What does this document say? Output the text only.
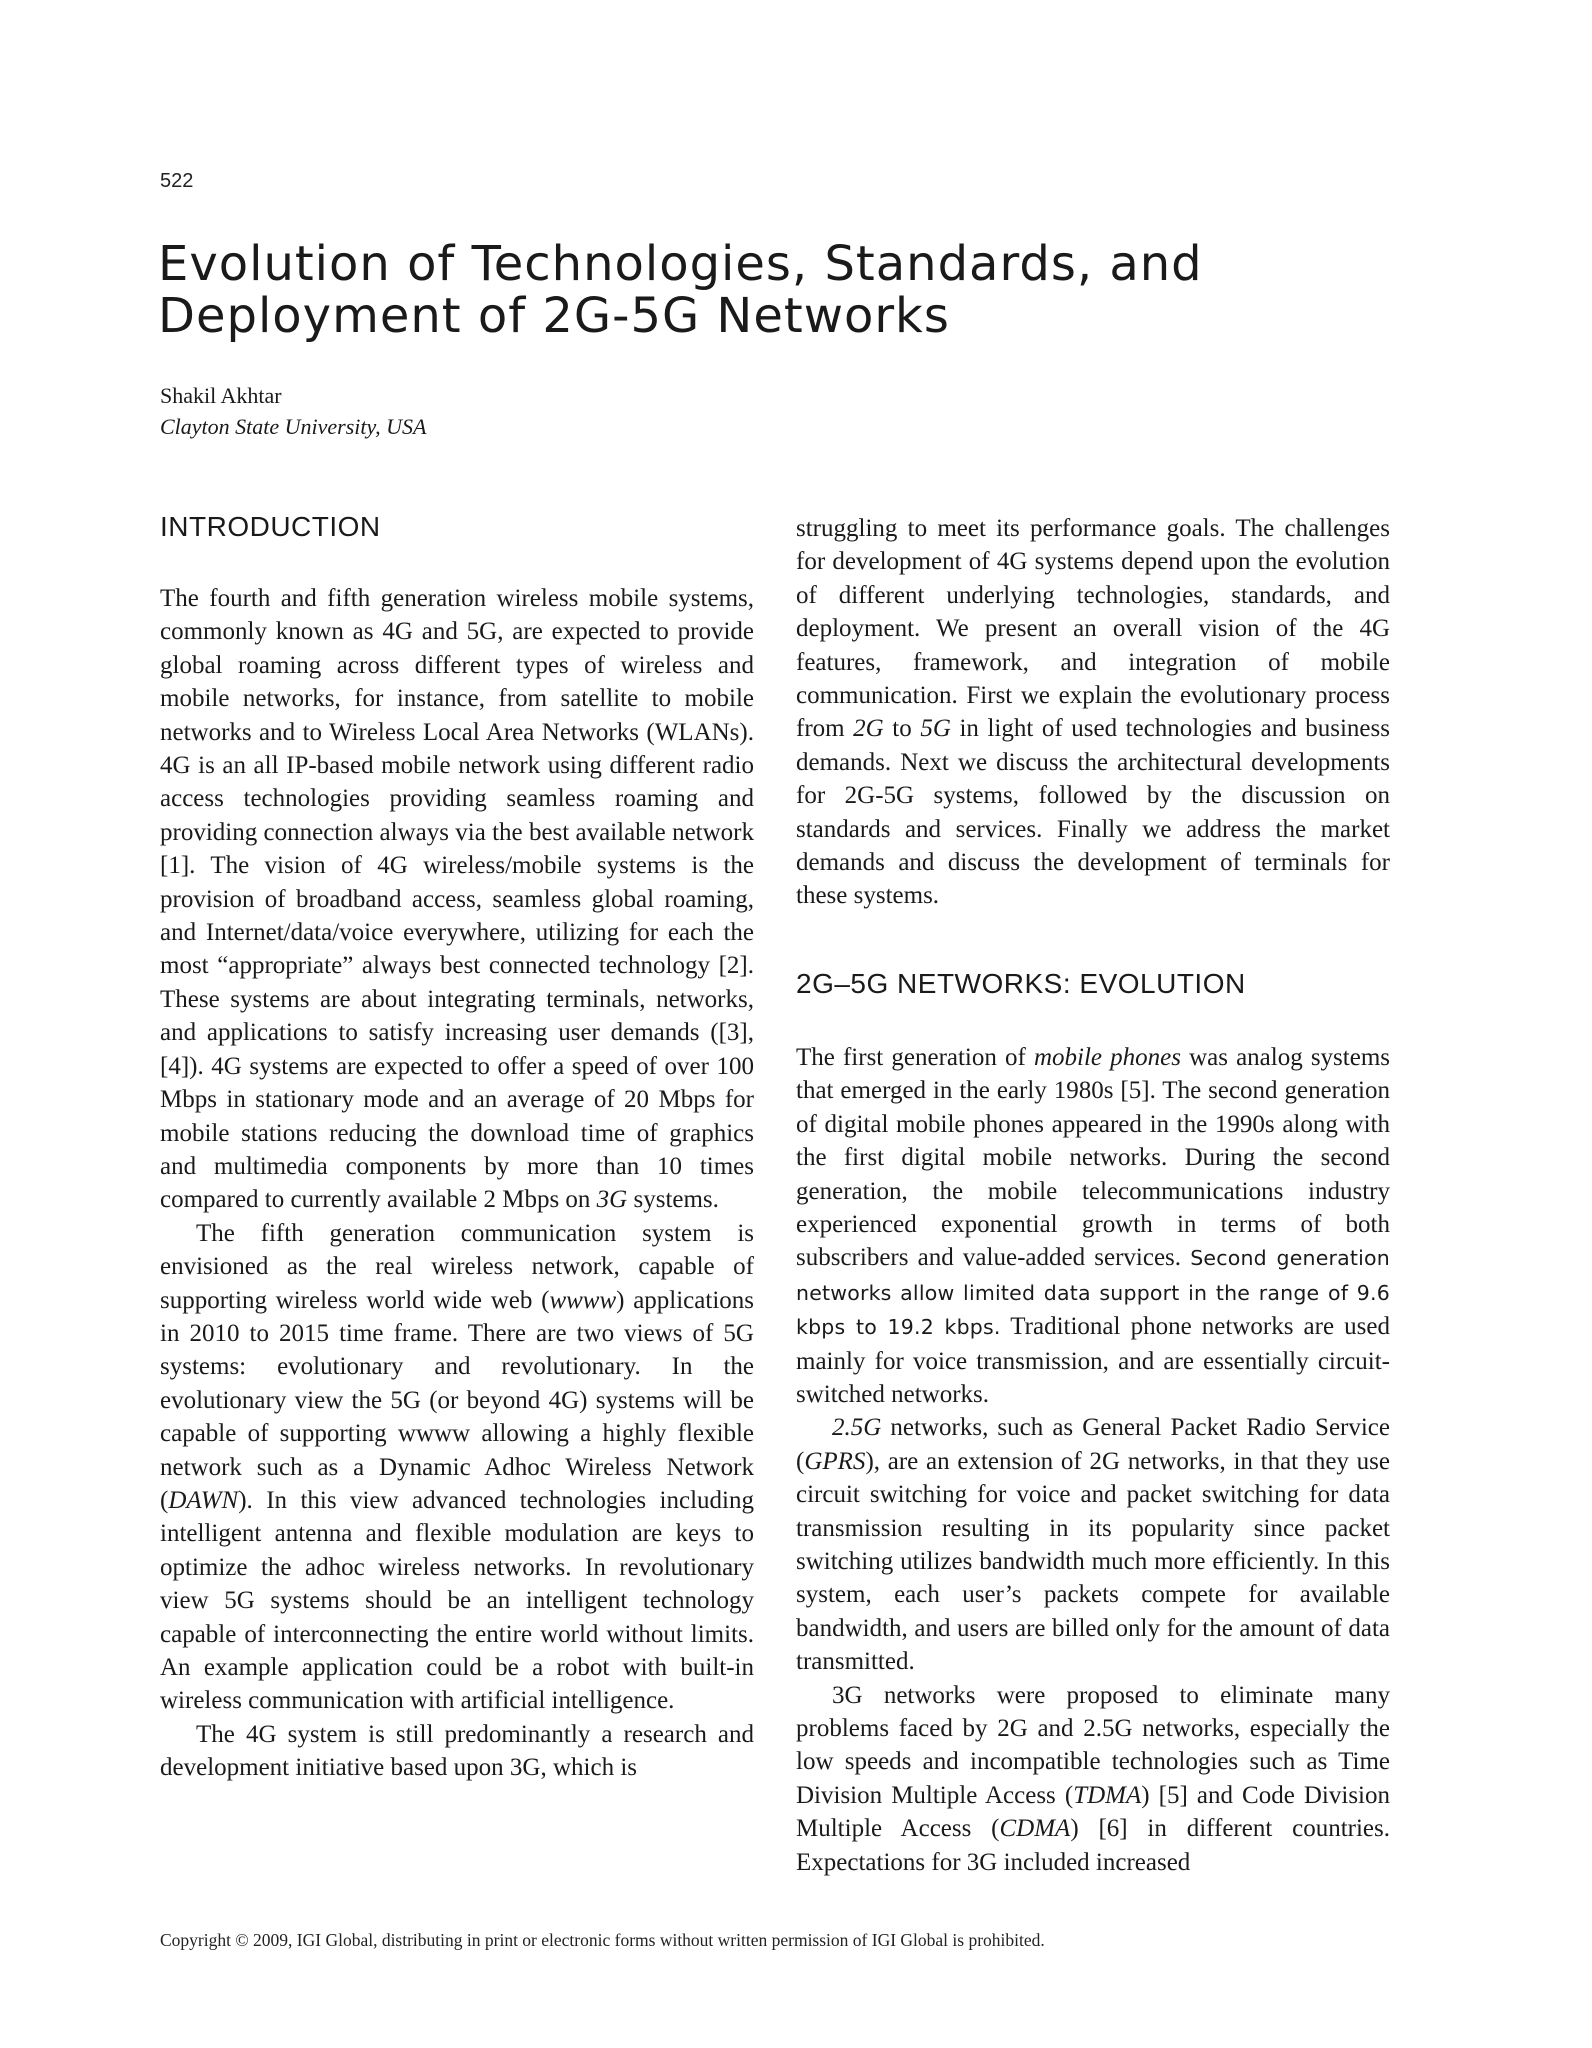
522
Evolution of Technologies, Standards, and
Deployment of 2G-5G Networks
Shakil Akhtar
Clayton State University, USA
INTRODUCTION

The fourth and fifth generation wireless mobile systems, commonly known as 4G and 5G, are expected to provide global roaming across different types of wireless and mobile networks, for instance, from satellite to mobile networks and to Wireless Local Area Networks (WLANs). 4G is an all IP-based mobile network using different radio access technologies providing seamless roaming and providing connection always via the best available network [1]. The vision of 4G wireless/mobile systems is the provision of broadband access, seamless global roaming, and Internet/data/voice everywhere, utilizing for each the most “appropriate” always best connected technology [2]. These systems are about integrating terminals, networks, and applications to satisfy increasing user demands ([3], [4]). 4G systems are expected to offer a speed of over 100 Mbps in stationary mode and an average of 20 Mbps for mobile stations reducing the download time of graphics and multimedia components by more than 10 times compared to currently available 2 Mbps on 3G systems.

The fifth generation communication system is envisioned as the real wireless network, capable of supporting wireless world wide web (wwww) applications in 2010 to 2015 time frame. There are two views of 5G systems: evolutionary and revolutionary. In the evolutionary view the 5G (or beyond 4G) systems will be capable of supporting wwww allowing a highly flexible network such as a Dynamic Adhoc Wireless Network (DAWN). In this view advanced technologies including intelligent antenna and flexible modulation are keys to optimize the adhoc wireless networks. In revolutionary view 5G systems should be an intelligent technology capable of interconnecting the entire world without limits. An example application could be a robot with built-in wireless communication with artificial intelligence.

The 4G system is still predominantly a research and development initiative based upon 3G, which is

struggling to meet its performance goals. The challenges for development of 4G systems depend upon the evolution of different underlying technologies, standards, and deployment. We present an overall vision of the 4G features, framework, and integration of mobile communication. First we explain the evolutionary process from 2G to 5G in light of used technologies and business demands. Next we discuss the architectural developments for 2G-5G systems, followed by the discussion on standards and services. Finally we address the market demands and discuss the development of terminals for these systems.

2G–5G NETWORKS: EVOLUTION

The first generation of mobile phones was analog systems that emerged in the early 1980s [5]. The second generation of digital mobile phones appeared in the 1990s along with the first digital mobile networks. During the second generation, the mobile telecommunications industry experienced exponential growth in terms of both subscribers and value-added services. Second generation networks allow limited data support in the range of 9.6 kbps to 19.2 kbps. Traditional phone networks are used mainly for voice transmission, and are essentially circuit-switched networks.

2.5G networks, such as General Packet Radio Service (GPRS), are an extension of 2G networks, in that they use circuit switching for voice and packet switching for data transmission resulting in its popularity since packet switching utilizes bandwidth much more efficiently. In this system, each user’s packets compete for available bandwidth, and users are billed only for the amount of data transmitted.

3G networks were proposed to eliminate many problems faced by 2G and 2.5G networks, especially the low speeds and incompatible technologies such as Time Division Multiple Access (TDMA) [5] and Code Division Multiple Access (CDMA) [6] in different countries. Expectations for 3G included increased

Copyright © 2009, IGI Global, distributing in print or electronic forms without written permission of IGI Global is prohibited.
